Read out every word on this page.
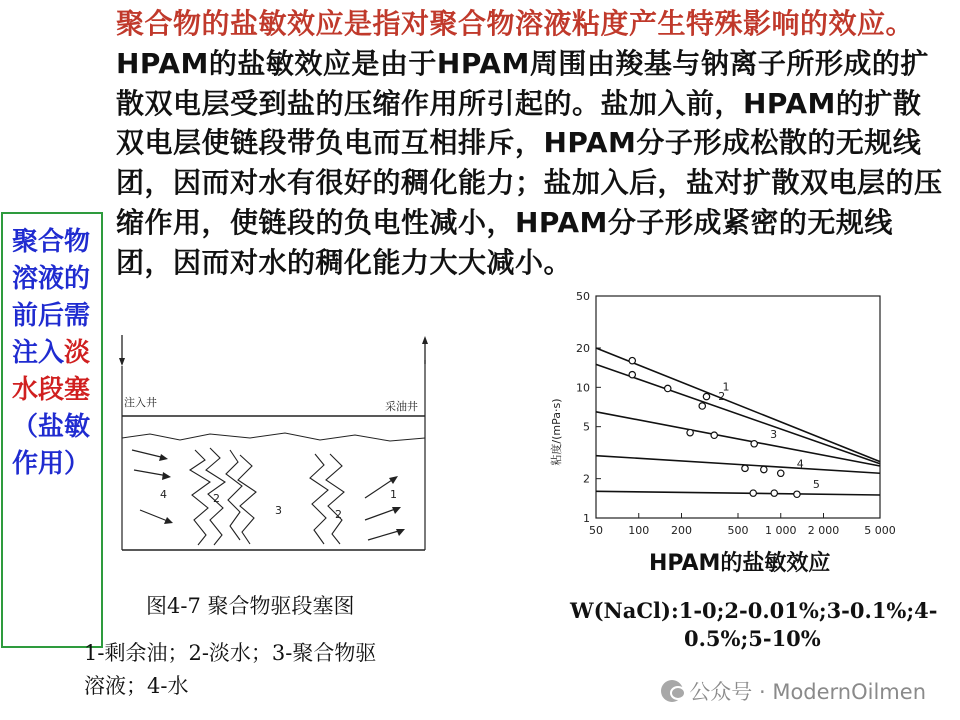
聚合物的盐敏效应是指对聚合物溶液粘度产生特殊影响的效应。HPAM的盐敏效应是由于HPAM周围由羧基与钠离子所形成的扩散双电层受到盐的压缩作用所引起的。盐加入前，HPAM的扩散双电层使链段带负电而互相排斥，HPAM分子形成松散的无规线团，因而对水有很好的稠化能力；盐加入后，盐对扩散双电层的压缩作用，使链段的负电性减小，HPAM分子形成紧密的无规线团，因而对水的稠化能力大大减小。
聚合物溶液的前后需注入淡水段塞（盐敏作用）
注入井	采油井
4	2
3	2
1
图4-7 聚合物驱段塞图
1-剩余油；2-淡水；3-聚合物驱
溶液；4-水
1
2
5
10
20
50
50 100 200	500 1 000 2 000 5 000
1
2
3
4
5
粘度/(mPa·s)
HPAM的盐敏效应
W(NaCl):1-0;2-0.01%;3-0.1%;4-
0.5%;5-10%
公众号 · ModernOilmen
